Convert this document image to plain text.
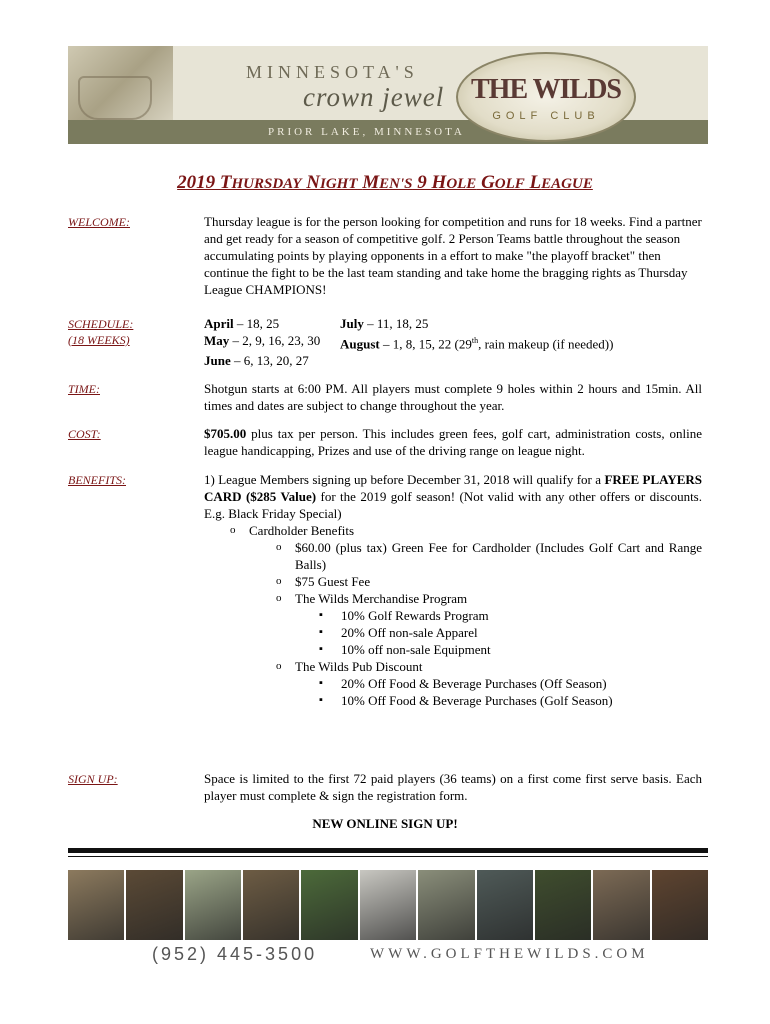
MINNESOTA'S
crown jewel
PRIOR LAKE, MINNESOTA
THE WILDS
GOLF CLUB
2019 THURSDAY NIGHT MEN'S 9 HOLE GOLF LEAGUE
WELCOME:	Thursday league is for the person looking for competition and runs for 18 weeks. Find a partner and get ready for a season of competitive golf. 2 Person Teams battle throughout the season accumulating points by playing opponents in a effort to make "the playoff bracket" then continue the fight to be the last team standing and take home the bragging rights as Thursday League CHAMPIONS!
SCHEDULE:
(18 WEEKS)
April – 18, 25	July – 11, 18, 25
May – 2, 9, 16, 23, 30	August – 1, 8, 15, 22 (29th, rain makeup (if needed))
June – 6, 13, 20, 27
TIME:	Shotgun starts at 6:00 PM. All players must complete 9 holes within 2 hours and 15min. All times and dates are subject to change throughout the year.
COST:	$705.00 plus tax per person. This includes green fees, golf cart, administration costs, online league handicapping, Prizes and use of the driving range on league night.
BENEFITS:	1) League Members signing up before December 31, 2018 will qualify for a FREE PLAYERS CARD ($285 Value) for the 2019 golf season! (Not valid with any other offers or discounts. E.g. Black Friday Special)

o Cardholder Benefits
o $60.00 (plus tax) Green Fee for Cardholder (Includes Golf Cart and Range Balls)
o $75 Guest Fee
o The Wilds Merchandise Program
▪ 10% Golf Rewards Program
▪ 20% Off non-sale Apparel
▪ 10% off non-sale Equipment
o The Wilds Pub Discount
▪ 20% Off Food & Beverage Purchases (Off Season)
▪ 10% Off Food & Beverage Purchases (Golf Season)
SIGN UP:	Space is limited to the first 72 paid players (36 teams) on a first come first serve basis. Each player must complete & sign the registration form.
NEW ONLINE SIGN UP!
(952) 445-3500	WWW.GOLFTHEWILDS.COM
